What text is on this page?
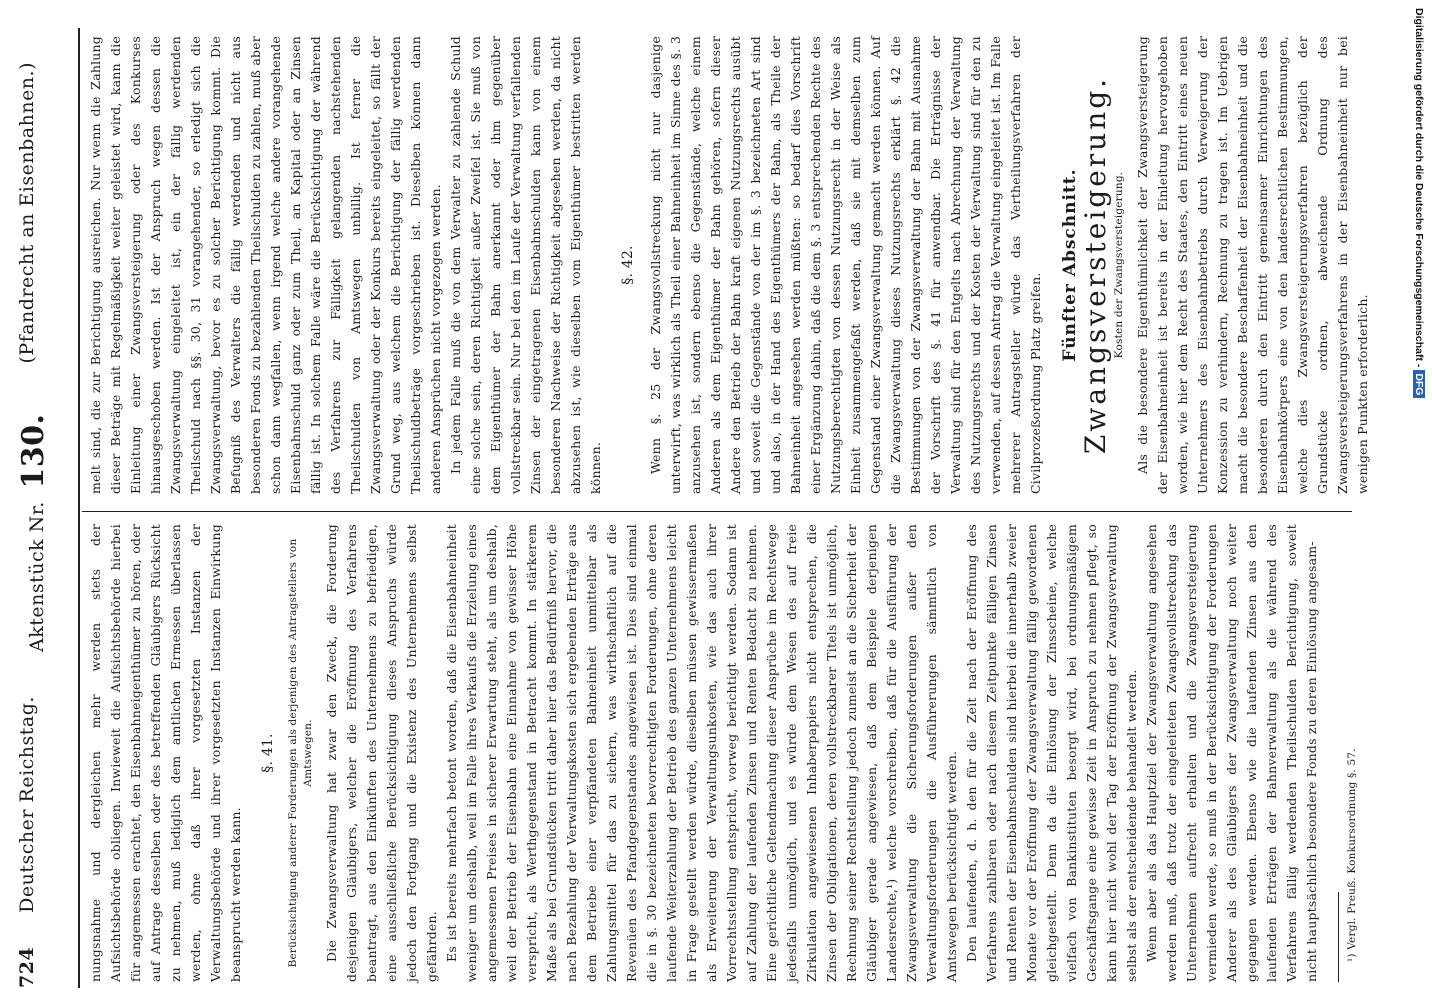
724
Deutscher Reichstag.
Aktenstück Nr. 130.
(Pfandrecht an Eisenbahnen.)

nungsnahme und dergleichen mehr werden stets der Aufsichtsbehörde obliegen. Inwieweit die Aufsichtsbehörde hierbei für angemessen erachtet, den Eisenbahneigenthümer zu hören, oder auf Antrage desselben oder des betreffenden Gläubigers Rücksicht zu nehmen, muß lediglich dem amtlichen Ermessen überlassen werden, ohne daß ihrer vorgesetzten Instanzen der Verwaltungsbehörde und ihrer vorgesetzten Instanzen Einwirkung beansprucht werden kann.

§. 41. Berücksichtigung anderer Forderungen als derjenigen des Antragstellers von Amtswegen. Die Zwangsverwaltung hat zwar den Zweck, die Forderung desjenigen Gläubigers, welcher die Eröffnung des Verfahrens beantragt, aus den Einkünften des Unternehmens zu befriedigen, eine ausschließliche Berücksichtigung dieses Anspruchs würde jedoch den Fortgang und die Existenz des Unternehmens selbst gefährden. Es ist bereits mehrfach betont worden, daß die Eisenbahneinheit weniger um deshalb, weil im Falle ihres Verkaufs die Erzielung eines angemessenen Preises in sicherer Erwartung steht, als um deshalb, weil der Betrieb der Eisenbahn eine Einnahme von gewisser Höhe verspricht, als Werthgegenstand in Betracht kommt. In stärkerem Maße als bei Grundstücken tritt daher hier das Bedürfniß hervor, die nach Bezahlung der Verwaltungskosten sich ergebenden Erträge aus dem Betriebe einer verpfändeten Bahneinheit unmittelbar als Zahlungsmittel für das zu sichern, was wirthschaftlich auf die Revenüen des Pfandgegenstandes angewiesen ist. Dies sind einmal die in §. 30 bezeichneten bevorrechtigten Forderungen, ohne deren laufende Weiterzahlung der Betrieb des ganzen Unternehmens leicht in Frage gestellt werden würde, dieselben müssen gewissermaßen als Erweiterung der Verwaltungsunkosten, wie das auch ihrer Vorrechtsstellung entspricht, vorweg berichtigt werden. Sodann ist auf Zahlung der laufenden Zinsen und Renten Bedacht zu nehmen. Eine gerichtliche Geltendmachung dieser Ansprüche im Rechtswege jedesfalls unmöglich, und es würde dem Wesen des auf freie Zirkulation angewiesenen Inhaberpapiers nicht entsprechen, die Zinsen der Obligationen, deren vollstreckbarer Titels ist unmöglich, Rechnung seiner Rechtstellung jedoch zumeist an die Sicherheit der Gläubiger gerade angewiesen, daß dem Beispiele derjenigen Landesrechte,¹) welche vorschreiben, daß für die Ausführung der Zwangsverwaltung die Sicherungsforderungen außer den Verwaltungsforderungen die Ausführerungen sämmtlich von Amtswegen berücksichtigt werden. Den laufenden, d. h. den für die Zeit nach der Eröffnung des Verfahrens zahlbaren oder nach diesem Zeitpunkte fälligen Zinsen und Renten der Eisenbahnschulden sind hierbei die innerhalb zweier Monate vor der Eröffnung der Zwangsverwaltung fällig gewordenen gleichgestellt. Denn da die Einlösung der Zinsscheine, welche vielfach von Bankinstituten besorgt wird, bei ordnungsmäßigem Geschäftsgange eine gewisse Zeit in Anspruch zu nehmen pflegt, so kann hier nicht wohl der Tag der Eröffnung der Zwangsverwaltung selbst als der entscheidende behandelt werden. Wenn aber als das Hauptziel der Zwangsverwaltung angesehen werden muß, daß trotz der eingeleiteten Zwangsvollstreckung das Unternehmen aufrecht erhalten und die Zwangsversteigerung vermieden werde, so muß in der Berücksichtigung der Forderungen Anderer als des Gläubigers der Zwangsverwaltung noch weiter gegangen werden. Ebenso wie die laufenden Zinsen aus den laufenden Erträgen der Bahnverwaltung als die während des Verfahrens fällig werdenden Theilschulden Berichtigung, soweit nicht hauptsächlich besondere Fonds zu deren Einlösung angesam-	¹) Vergl. Preuß. Konkursordnung §. 57.

melt sind, die zur Berichtigung ausreichen. Nur wenn die Zahlung dieser Beträge mit Regelmäßigkeit weiter geleistet wird, kann die Einleitung einer Zwangsversteigerung oder des Konkurses hinausgeschoben werden. Ist der Anspruch wegen dessen die Zwangsverwaltung eingeleitet ist, ein der fällig werdenden Theilschuld nach §§. 30, 31 vorangehender, so erledigt sich die Zwangsverwaltung, bevor es zu solcher Berichtigung kommt. Die Befugniß des Verwalters die fällig werdenden und nicht aus besonderen Fonds zu bezahlenden Theilschulden zu zahlen, muß aber schon dann wegfallen, wenn irgend welche andere vorangehende Eisenbahnschuld ganz oder zum Theil, an Kapital oder an Zinsen fällig ist. In solchem Falle wäre die Berücksichtigung der während des Verfahrens zur Fälligkeit gelangenden nachstehenden Theilschulden von Amtswegen unbillig. Ist ferner die Zwangsverwaltung oder der Konkurs bereits eingeleitet, so fällt der Grund weg, aus welchem die Berichtigung der fällig werdenden Theilschuldbeträge vorgeschrieben ist. Dieselben können dann anderen Ansprüchen nicht vorgezogen werden. In jedem Falle muß die von dem Verwalter zu zahlende Schuld eine solche sein, deren Richtigkeit außer Zweifel ist. Sie muß von dem Eigenthümer der Bahn anerkannt oder ihm gegenüber vollstreckbar sein. Nur bei den im Laufe der Verwaltung verfallenden Zinsen der eingetragenen Eisenbahnschulden kann von einem besonderen Nachweise der Richtigkeit abgesehen werden, da nicht abzusehen ist, wie dieselben vom Eigenthümer bestritten werden können.

§. 42. Wenn §. 25 der Zwangsvollstreckung nicht nur dasjenige unterwirft, was wirklich als Theil einer Bahneinheit im Sinne des §. 3 anzusehen ist, sondern ebenso die Gegenstände, welche einem Anderen als dem Eigenthümer der Bahn gehören, sofern dieser Andere den Betrieb der Bahn kraft eigenen Nutzungsrechts ausübt und soweit die Gegenstände von der im §. 3 bezeichneten Art sind und also, in der Hand des Eigenthümers der Bahn, als Theile der Bahneinheit angesehen werden müßten: so bedarf dies Vorschrift einer Ergänzung dahin, daß die dem §. 3 entsprechenden Rechte des Nutzungsberechtigten von dessen Nutzungsrecht in der Weise als Einheit zusammengefaßt werden, daß sie mit demselben zum Gegenstand einer Zwangsverwaltung gemacht werden können. Auf die Zwangsverwaltung dieses Nutzungsrechts erklärt §. 42 die Bestimmungen von der Zwangsverwaltung der Bahn mit Ausnahme der Vorschrift des §. 41 für anwendbar. Die Erträgnisse der Verwaltung sind für den Entgelts nach Abrechnung der Verwaltung des Nutzungsrechts und der Kosten der Verwaltung sind für den zu verwenden, auf dessen Antrag die Verwaltung eingeleitet ist. Im Falle mehrerer Antragsteller würde das Vertheilungsverfahren der Civilprozeßordnung Platz greifen.

Fünfter Abschnitt. Zwangsversteigerung. Kosten der Zwangsversteigerung. Als die besondere Eigenthümlichkeit der Zwangsversteigerung der Eisenbahneinheit ist bereits in der Einleitung hervorgehoben worden, wie hier dem Recht des Staates, den Eintritt eines neuen Unternehmers des Eisenbahnbetriebs durch Verweigerung der Konzession zu verhindern, Rechnung zu tragen ist. Im Uebrigen macht die besondere Beschaffenheit der Eisenbahneinheit und die besonderen durch den Eintritt gemeinsamer Einrichtungen des Eisenbahnkörpers eine von den landesrechtlichen Bestimmungen, welche dies Zwangsversteigerungsverfahren bezüglich der Grundstücke ordnen, abweichende Ordnung des Zwangsversteigerungsverfahrens in der Eisenbahneinheit nur bei wenigen Punkten erforderlich.

Digitalisierung gefördert durch die Deutsche Forschungsgemeinschaft - DFG
